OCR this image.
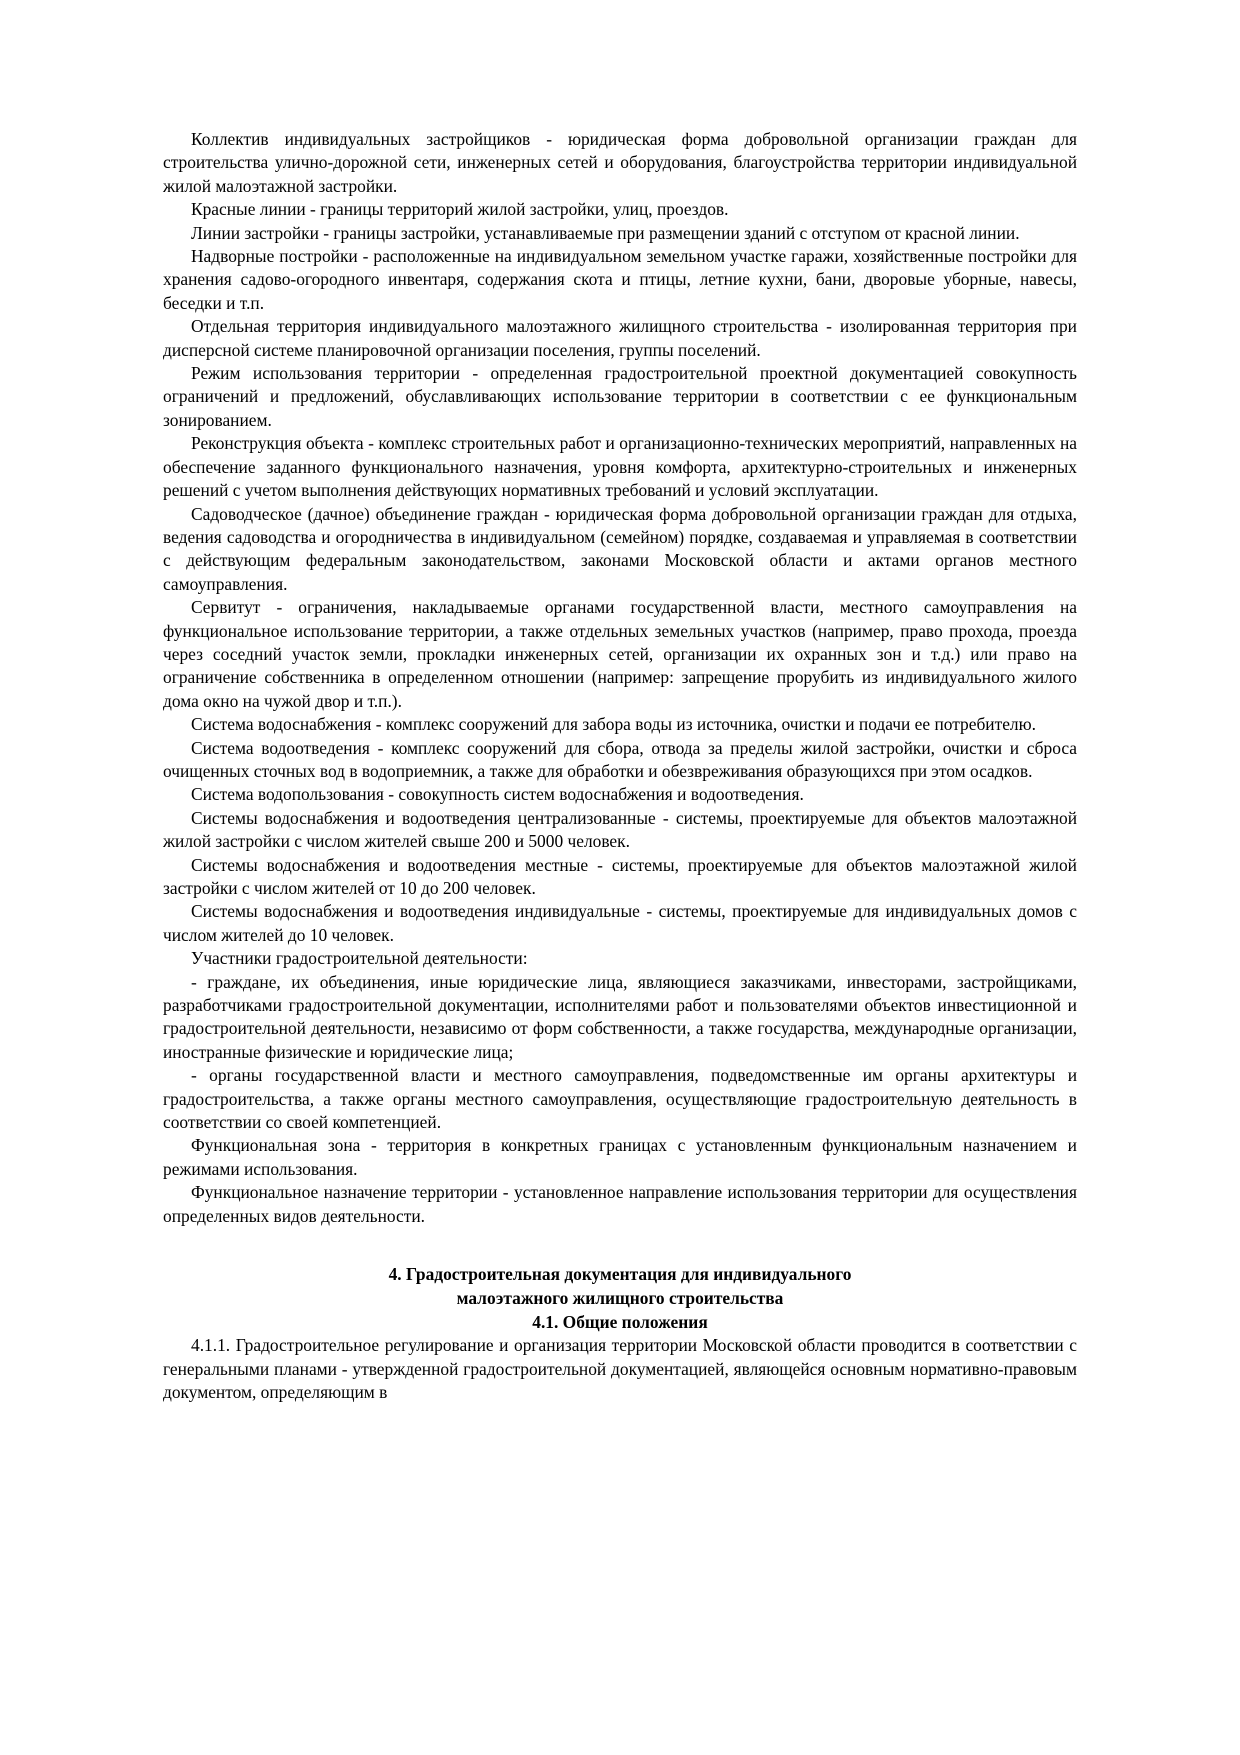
Коллектив индивидуальных застройщиков - юридическая форма добровольной организации граждан для строительства улично-дорожной сети, инженерных сетей и оборудования, благоустройства территории индивидуальной жилой малоэтажной застройки.

Красные линии - границы территорий жилой застройки, улиц, проездов.

Линии застройки - границы застройки, устанавливаемые при размещении зданий с отступом от красной линии.

Надворные постройки - расположенные на индивидуальном земельном участке гаражи, хозяйственные постройки для хранения садово-огородного инвентаря, содержания скота и птицы, летние кухни, бани, дворовые уборные, навесы, беседки и т.п.

Отдельная территория индивидуального малоэтажного жилищного строительства - изолированная территория при дисперсной системе планировочной организации поселения, группы поселений.

Режим использования территории - определенная градостроительной проектной документацией совокупность ограничений и предложений, обуславливающих использование территории в соответствии с ее функциональным зонированием.

Реконструкция объекта - комплекс строительных работ и организационно-технических мероприятий, направленных на обеспечение заданного функционального назначения, уровня комфорта, архитектурно-строительных и инженерных решений с учетом выполнения действующих нормативных требований и условий эксплуатации.

Садоводческое (дачное) объединение граждан - юридическая форма добровольной организации граждан для отдыха, ведения садоводства и огородничества в индивидуальном (семейном) порядке, создаваемая и управляемая в соответствии с действующим федеральным законодательством, законами Московской области и актами органов местного самоуправления.

Сервитут - ограничения, накладываемые органами государственной власти, местного самоуправления на функциональное использование территории, а также отдельных земельных участков (например, право прохода, проезда через соседний участок земли, прокладки инженерных сетей, организации их охранных зон и т.д.) или право на ограничение собственника в определенном отношении (например: запрещение прорубить из индивидуального жилого дома окно на чужой двор и т.п.).

Система водоснабжения - комплекс сооружений для забора воды из источника, очистки и подачи ее потребителю.

Система водоотведения - комплекс сооружений для сбора, отвода за пределы жилой застройки, очистки и сброса очищенных сточных вод в водоприемник, а также для обработки и обезвреживания образующихся при этом осадков.

Система водопользования - совокупность систем водоснабжения и водоотведения.

Системы водоснабжения и водоотведения централизованные - системы, проектируемые для объектов малоэтажной жилой застройки с числом жителей свыше 200 и 5000 человек.

Системы водоснабжения и водоотведения местные - системы, проектируемые для объектов малоэтажной жилой застройки с числом жителей от 10 до 200 человек.

Системы водоснабжения и водоотведения индивидуальные - системы, проектируемые для индивидуальных домов с числом жителей до 10 человек.

Участники градостроительной деятельности:

- граждане, их объединения, иные юридические лица, являющиеся заказчиками, инвесторами, застройщиками, разработчиками градостроительной документации, исполнителями работ и пользователями объектов инвестиционной и градостроительной деятельности, независимо от форм собственности, а также государства, международные организации, иностранные физические и юридические лица;

- органы государственной власти и местного самоуправления, подведомственные им органы архитектуры и градостроительства, а также органы местного самоуправления, осуществляющие градостроительную деятельность в соответствии со своей компетенцией.

Функциональная зона - территория в конкретных границах с установленным функциональным назначением и режимами использования.

Функциональное назначение территории - установленное направление использования территории для осуществления определенных видов деятельности.

4. Градостроительная документация для индивидуального
малоэтажного жилищного строительства
4.1. Общие положения

4.1.1. Градостроительное регулирование и организация территории Московской области проводится в соответствии с генеральными планами - утвержденной градостроительной документацией, являющейся основным нормативно-правовым документом, определяющим в
